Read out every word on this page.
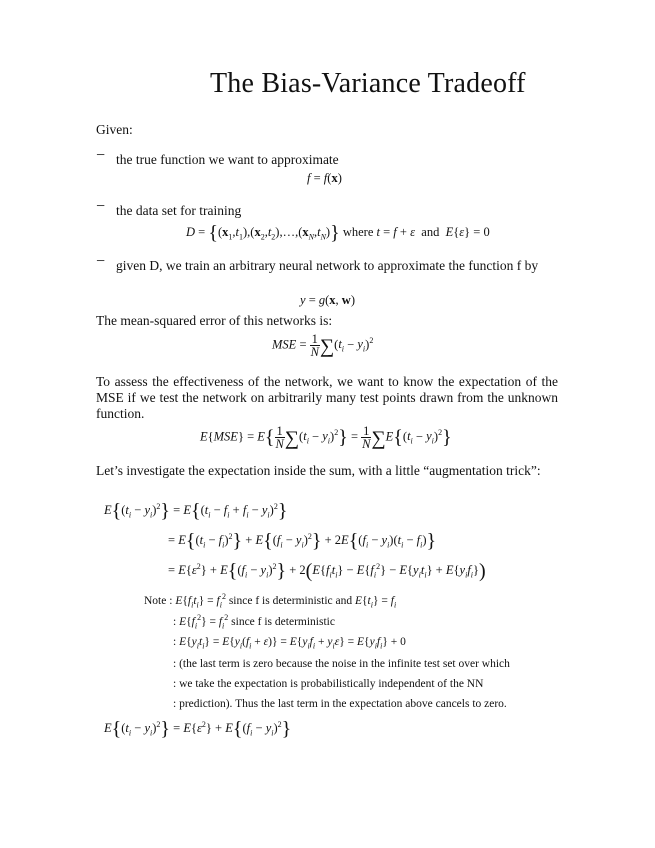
The Bias-Variance Tradeoff
Given:
− the true function we want to approximate
f = f(x)
− the data set for training
$D = \{(x_1,t_1),(x_2,t_2),\dots,(x_N,t_N)\}$ where t = f + ε and E{ε} = 0
− given D, we train an arbitrary neural network to approximate the function f by
y = g(x, w)
The mean-squared error of this networks is:
MSE = $\frac{1}{N} \sum(t_i - y_i)^2$
To assess the effectiveness of the network, we want to know the expectation of the MSE if we test the network on arbitrarily many test points drawn from the unknown function.
$E\{MSE\} = E\{ \frac{1}{N} \sum(t_i - y_i)^2\} = \frac{1}{N} \sum E\{(t_i - y_i)^2\}$
Let’s investigate the expectation inside the sum, with a little “augmentation trick”:
$E\{(t_i - y_i)^2\} = E\{(t_i - f_i + f_i - y_i)^2\}$
= $E\{(t_i - f_i)^2\} + E\{(f_i - y_i)^2\} + 2E\{(f_i - y_i)(t_i - f_i)\}$
= $E\{\varepsilon^2\} + E\{(f_i - y_i)^2\} + 2(E\{f_it_i\} - E\{f_i^2\} - E\{y_it_i\} + E\{y_if_i\})$
Note : $E\{f_it_i\} = f_i^2$ since f is deterministic and $E\{t_i\} = f_i$
: $E\{f_i^2\} = f_i^2$ since f is deterministic
: $E\{y_it_i\} = E\{y_i(f_i + \varepsilon)\} = E\{y_if_i + y_i\varepsilon\} = E\{y_if_i\} + 0$
: (the last term is zero because the noise in the infinite test set over which
: we take the expectation is probabilistically independent of the NN
: prediction). Thus the last term in the expectation above cancels to zero.
$E\{(t_i - y_i)^2\} = E\{\varepsilon^2\} + E\{(f_i - y_i)^2\}$
